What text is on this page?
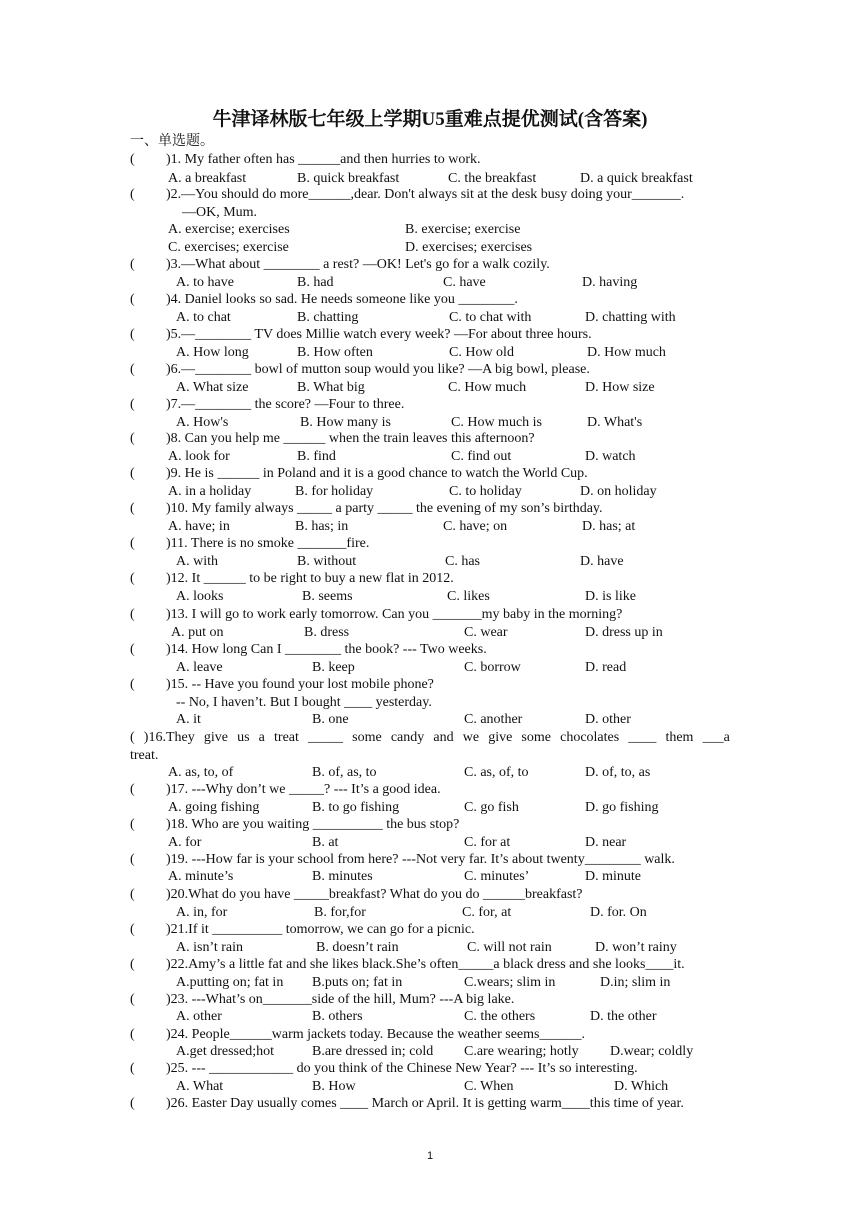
牛津译林版七年级上学期U5重难点提优测试(含答案)
一、单选题。
( )1. My father often has ______and then hurries to work.
A. a breakfast	B. quick breakfast	C. the breakfast	D. a quick breakfast
( )2.—You should do more______,dear. Don't always sit at the desk busy doing your_______.
—OK, Mum.
A. exercise; exercises	B. exercise; exercise
C. exercises; exercise	D. exercises; exercises
( )3.—What about ________ a rest? —OK! Let's go for a walk cozily.
A. to have	B. had	C. have	D. having
( )4. Daniel looks so sad. He needs someone like you ________.
A. to chat	B. chatting	C. to chat with	D. chatting with
( )5.—________ TV does Millie watch every week? —For about three hours.
A. How long	B. How often	C. How old	D. How much
( )6.—________ bowl of mutton soup would you like? —A big bowl, please.
A. What size	B. What big	C. How much	D. How size
( )7.—________ the score? —Four to three.
A. How's	B. How many is	C. How much is	D. What's
( )8. Can you help me ______ when the train leaves this afternoon?
A. look for	B. find	C. find out	D. watch
( )9. He is ______ in Poland and it is a good chance to watch the World Cup.
A. in a holiday	B. for holiday	C. to holiday	D. on holiday
( )10. My family always _____ a party _____ the evening of my son’s birthday.
A. have; in	B. has; in	C. have; on	D. has; at
( )11. There is no smoke _______fire.
A. with	B. without	C. has	D. have
( )12. It ______ to be right to buy a new flat in 2012.
A. looks	B. seems	C. likes	D. is like
( )13. I will go to work early tomorrow. Can you _______my baby in the morning?
A. put on	B. dress	C. wear	D. dress up in
( )14. How long Can I ________ the book? --- Two weeks.
A. leave	B. keep	C. borrow	D. read
( )15. -- Have you found your lost mobile phone?
-- No, I haven’t. But I bought ____ yesterday.
A. it	B. one	C. another	D. other
( )16.They give us a treat _____ some candy and we give some chocolates ____ them ___a
treat.
A. as, to, of	B. of, as, to	C. as, of, to	D. of, to, as
( )17. ---Why don’t we _____? --- It’s a good idea.
A. going fishing	B. to go fishing	C. go fish	D. go fishing
( )18. Who are you waiting __________ the bus stop?
A. for	B. at	C. for at	D. near
( )19. ---How far is your school from here? ---Not very far. It’s about twenty________ walk.
A. minute’s	B. minutes	C. minutes’	D. minute
( )20.What do you have _____breakfast? What do you do ______breakfast?
A. in, for	B. for,for	C. for, at	D. for. On
( )21.If it __________ tomorrow, we can go for a picnic.
A. isn’t rain	B. doesn’t rain	C. will not rain	D. won’t rainy
( )22.Amy’s a little fat and she likes black.She’s often_____a black dress and she looks____it.
A.putting on; fat in B.puts on; fat in	C.wears; slim in	D.in; slim in
( )23. ---What’s on_______side of the hill, Mum? ---A big lake.
A. other	B. others	C. the others	D. the other
( )24. People______warm jackets today. Because the weather seems______.
A.get dressed;hot	B.are dressed in; cold C.are wearing; hotly D.wear; coldly
( )25. --- ____________ do you think of the Chinese New Year? --- It’s so interesting.
A. What	B. How	C. When	D. Which
( )26. Easter Day usually comes ____ March or April. It is getting warm____this time of year.
1
